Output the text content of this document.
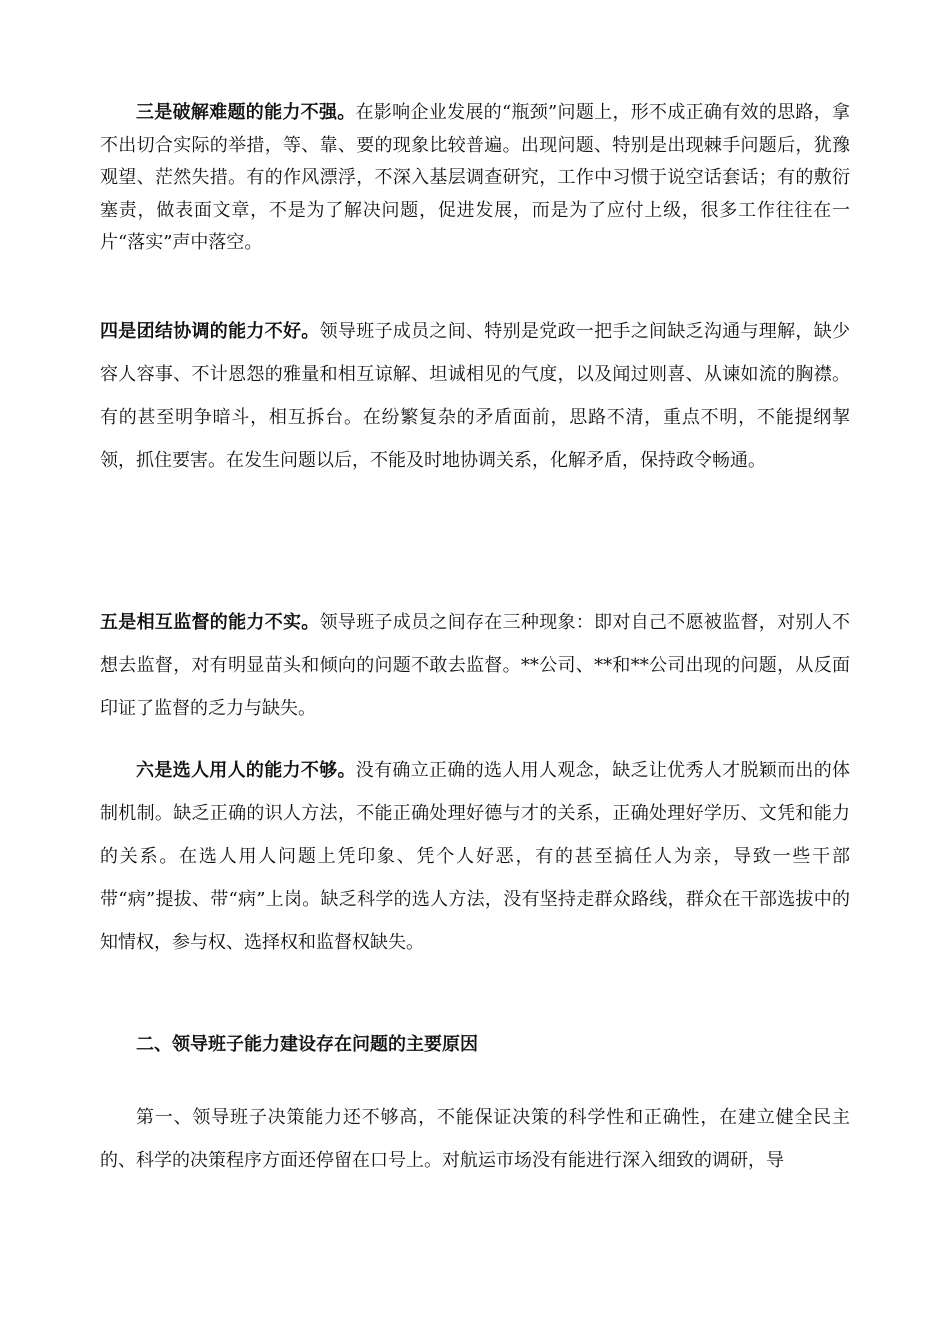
三是破解难题的能力不强。在影响企业发展的“瓶颈”问题上，形不成正确有效的思路，拿不出切合实际的举措，等、靠、要的现象比较普遍。出现问题、特别是出现棘手问题后，犹豫观望、茫然失措。有的作风漂浮，不深入基层调查研究，工作中习惯于说空话套话；有的敷衍塞责，做表面文章，不是为了解决问题，促进发展，而是为了应付上级，很多工作往往在一片“落实”声中落空。

四是团结协调的能力不好。领导班子成员之间、特别是党政一把手之间缺乏沟通与理解，缺少容人容事、不计恩怨的雅量和相互谅解、坦诚相见的气度，以及闻过则喜、从谏如流的胸襟。有的甚至明争暗斗，相互拆台。在纷繁复杂的矛盾面前，思路不清，重点不明，不能提纲挈领，抓住要害。在发生问题以后，不能及时地协调关系，化解矛盾，保持政令畅通。

五是相互监督的能力不实。领导班子成员之间存在三种现象：即对自己不愿被监督，对别人不想去监督，对有明显苗头和倾向的问题不敢去监督。**公司、**和**公司出现的问题，从反面印证了监督的乏力与缺失。

六是选人用人的能力不够。没有确立正确的选人用人观念，缺乏让优秀人才脱颖而出的体制机制。缺乏正确的识人方法，不能正确处理好德与才的关系，正确处理好学历、文凭和能力的关系。在选人用人问题上凭印象、凭个人好恶，有的甚至搞任人为亲，导致一些干部带“病”提拔、带“病”上岗。缺乏科学的选人方法，没有坚持走群众路线，群众在干部选拔中的知情权，参与权、选择权和监督权缺失。

二、领导班子能力建设存在问题的主要原因

第一、领导班子决策能力还不够高，不能保证决策的科学性和正确性，在建立健全民主的、科学的决策程序方面还停留在口号上。对航运市场没有能进行深入细致的调研，导
